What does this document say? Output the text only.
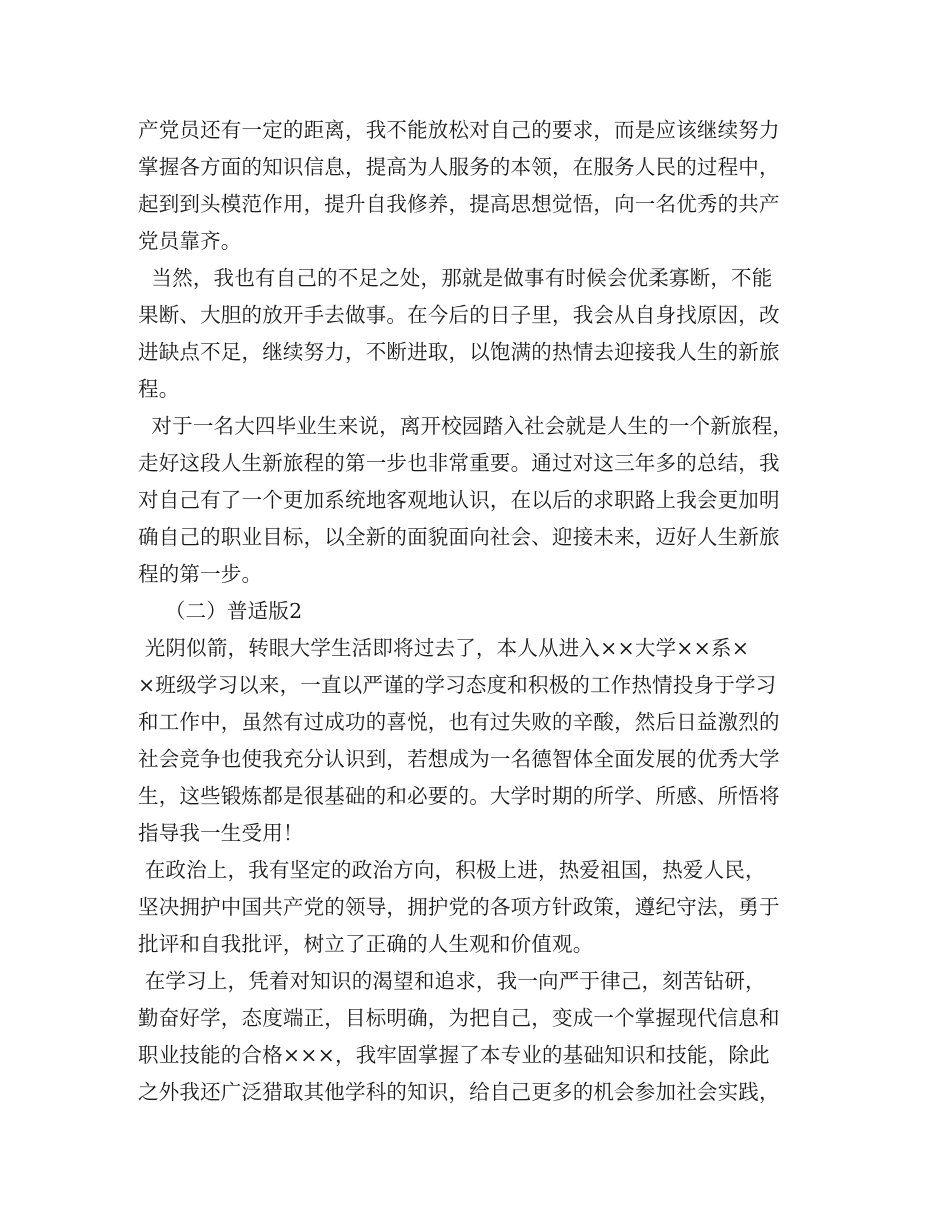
产党员还有一定的距离，我不能放松对自己的要求，而是应该继续努力
掌握各方面的知识信息，提高为人服务的本领，在服务人民的过程中，
起到到头模范作用，提升自我修养，提高思想觉悟，向一名优秀的共产
党员靠齐。
当然，我也有自己的不足之处，那就是做事有时候会优柔寡断，不能
果断、大胆的放开手去做事。在今后的日子里，我会从自身找原因，改
进缺点不足，继续努力，不断进取，以饱满的热情去迎接我人生的新旅
程。
对于一名大四毕业生来说，离开校园踏入社会就是人生的一个新旅程，
走好这段人生新旅程的第一步也非常重要。通过对这三年多的总结，我
对自己有了一个更加系统地客观地认识，在以后的求职路上我会更加明
确自己的职业目标，以全新的面貌面向社会、迎接未来，迈好人生新旅
程的第一步。
（二）普适版2
光阴似箭，转眼大学生活即将过去了，本人从进入××大学××系×
×班级学习以来，一直以严谨的学习态度和积极的工作热情投身于学习
和工作中，虽然有过成功的喜悦，也有过失败的辛酸，然后日益激烈的
社会竞争也使我充分认识到，若想成为一名德智体全面发展的优秀大学
生，这些锻炼都是很基础的和必要的。大学时期的所学、所感、所悟将
指导我一生受用！
在政治上，我有坚定的政治方向，积极上进，热爱祖国，热爱人民，
坚决拥护中国共产党的领导，拥护党的各项方针政策，遵纪守法，勇于
批评和自我批评，树立了正确的人生观和价值观。
在学习上，凭着对知识的渴望和追求，我一向严于律己，刻苦钻研，
勤奋好学，态度端正，目标明确，为把自己，变成一个掌握现代信息和
职业技能的合格×××，我牢固掌握了本专业的基础知识和技能，除此
之外我还广泛猎取其他学科的知识，给自己更多的机会参加社会实践，
